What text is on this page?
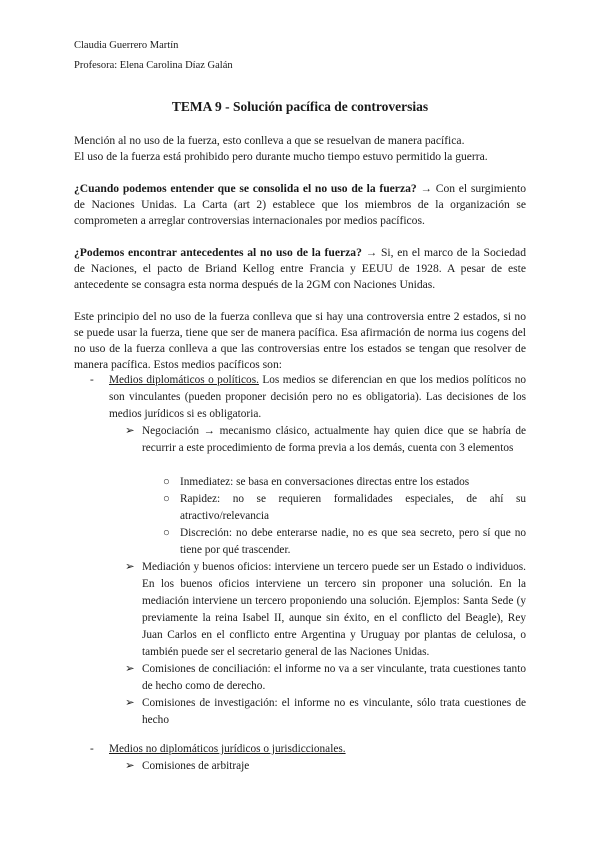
Claudia Guerrero Martín
Profesora: Elena Carolina Díaz Galán
TEMA 9 - Solución pacífica de controversias
Mención al no uso de la fuerza, esto conlleva a que se resuelvan de manera pacífica.
El uso de la fuerza está prohibido pero durante mucho tiempo estuvo permitido la guerra.
¿Cuando podemos entender que se consolida el no uso de la fuerza? → Con el surgimiento de Naciones Unidas. La Carta (art 2) establece que los miembros de la organización se comprometen a arreglar controversias internacionales por medios pacíficos.
¿Podemos encontrar antecedentes al no uso de la fuerza? → Si, en el marco de la Sociedad de Naciones, el pacto de Briand Kellog entre Francia y EEUU de 1928. A pesar de este antecedente se consagra esta norma después de la 2GM con Naciones Unidas.
Este principio del no uso de la fuerza conlleva que si hay una controversia entre 2 estados, si no se puede usar la fuerza, tiene que ser de manera pacífica. Esa afirmación de norma ius cogens del no uso de la fuerza conlleva a que las controversias entre los estados se tengan que resolver de manera pacífica. Estos medios pacíficos son:
- Medios diplomáticos o políticos. Los medios se diferencian en que los medios políticos no son vinculantes (pueden proponer decisión pero no es obligatoria). Las decisiones de los medios jurídicos si es obligatoria.
➢ Negociación → mecanismo clásico, actualmente hay quien dice que se habría de recurrir a este procedimiento de forma previa a los demás, cuenta con 3 elementos
○ Inmediatez: se basa en conversaciones directas entre los estados
○ Rapidez: no se requieren formalidades especiales, de ahí su atractivo/relevancia
○ Discreción: no debe enterarse nadie, no es que sea secreto, pero sí que no tiene por qué trascender.
➢ Mediación y buenos oficios: interviene un tercero puede ser un Estado o individuos. En los buenos oficios interviene un tercero sin proponer una solución. En la mediación interviene un tercero proponiendo una solución. Ejemplos: Santa Sede (y previamente la reina Isabel II, aunque sin éxito, en el conflicto del Beagle), Rey Juan Carlos en el conflicto entre Argentina y Uruguay por plantas de celulosa, o también puede ser el secretario general de las Naciones Unidas.
➢ Comisiones de conciliación: el informe no va a ser vinculante, trata cuestiones tanto de hecho como de derecho.
➢ Comisiones de investigación: el informe no es vinculante, sólo trata cuestiones de hecho
- Medios no diplomáticos jurídicos o jurisdiccionales.
➢ Comisiones de arbitraje
